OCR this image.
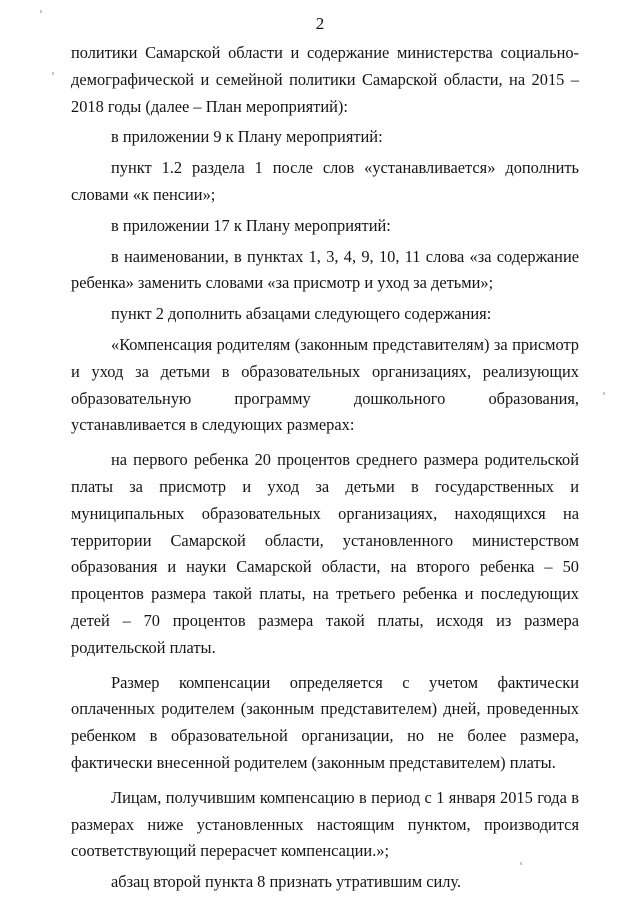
2

политики Самарской области и содержание министерства социально-демографической и семейной политики Самарской области, на 2015 – 2018 годы (далее – План мероприятий):

в приложении 9 к Плану мероприятий:

пункт 1.2 раздела 1 после слов «устанавливается» дополнить словами «к пенсии»;

в приложении 17 к Плану мероприятий:

в наименовании, в пунктах 1, 3, 4, 9, 10, 11 слова «за содержание ребенка» заменить словами «за присмотр и уход за детьми»;

пункт 2 дополнить абзацами следующего содержания:

«Компенсация родителям (законным представителям) за присмотр и уход за детьми в образовательных организациях, реализующих образовательную программу дошкольного образования, устанавливается в следующих размерах:

на первого ребенка 20 процентов среднего размера родительской платы за присмотр и уход за детьми в государственных и муниципальных образовательных организациях, находящихся на территории Самарской области, установленного министерством образования и науки Самарской области, на второго ребенка – 50 процентов размера такой платы, на третьего ребенка и последующих детей – 70 процентов размера такой платы, исходя из размера родительской платы.

Размер компенсации определяется с учетом фактически оплаченных родителем (законным представителем) дней, проведенных ребенком в образовательной организации, но не более размера, фактически внесенной родителем (законным представителем) платы.

Лицам, получившим компенсацию в период с 1 января 2015 года в размерах ниже установленных настоящим пунктом, производится соответствующий перерасчет компенсации.»;

абзац второй пункта 8 признать утратившим силу.
